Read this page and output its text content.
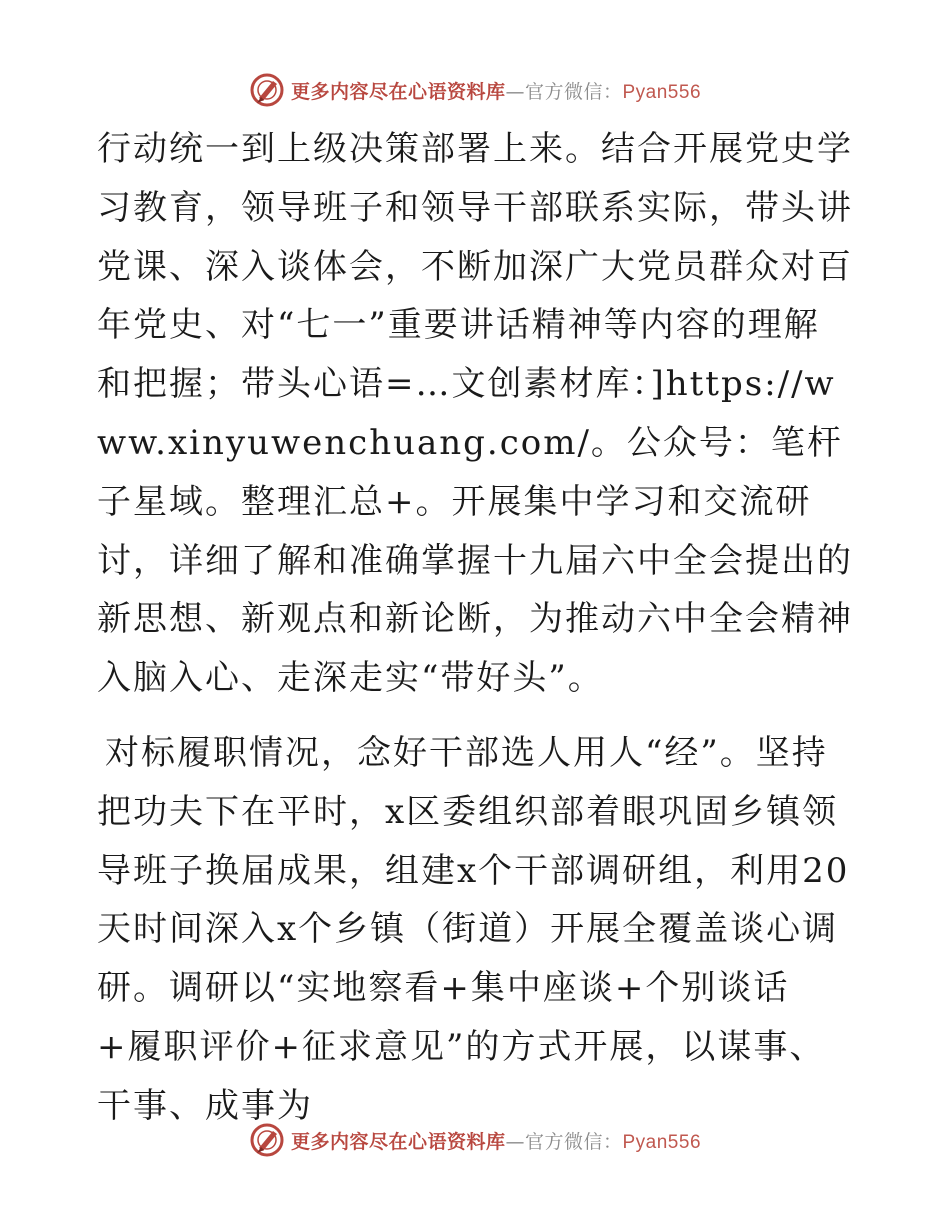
更多内容尽在心语资料库—官方微信：Pyan556

行动统一到上级决策部署上来。结合开展党史学习教育，领导班子和领导干部联系实际，带头讲党课、深入谈体会，不断加深广大党员群众对百年党史、对“七一”重要讲话精神等内容的理解和把握；带头心语=…文创素材库：]https://www.xinyuwenchuang.com/。公众号：笔杆子星域。整理汇总+。开展集中学习和交流研讨，详细了解和准确掌握十九届六中全会提出的新思想、新观点和新论断，为推动六中全会精神入脑入心、走深走实“带好头”。

对标履职情况，念好干部选人用人“经”。坚持把功夫下在平时，x区委组织部着眼巩固乡镇领导班子换届成果，组建x个干部调研组，利用20天时间深入x个乡镇（街道）开展全覆盖谈心调研。调研以“实地察看+集中座谈+个别谈话+履职评价+征求意见”的方式开展，以谋事、干事、成事为

更多内容尽在心语资料库—官方微信：Pyan556
